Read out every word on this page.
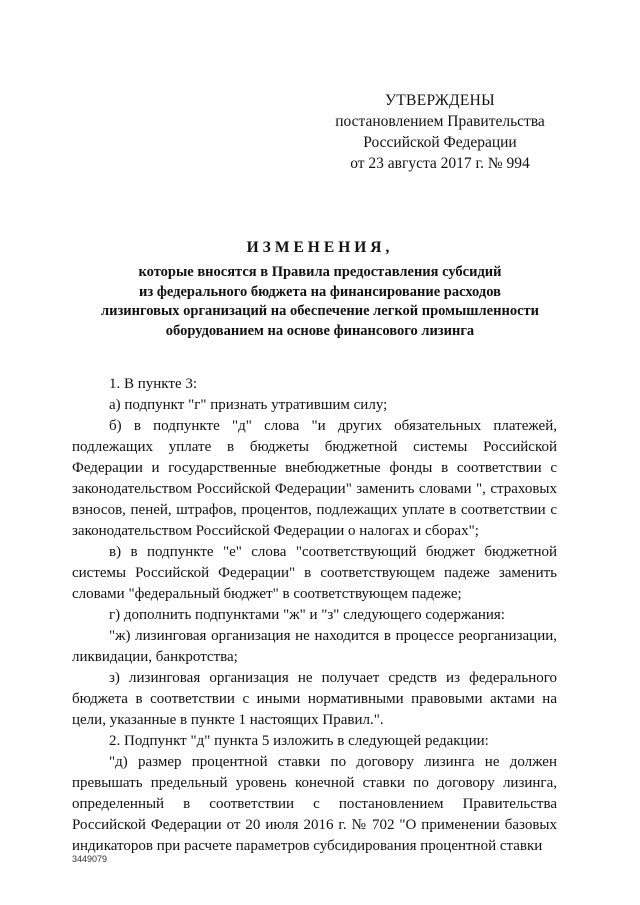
УТВЕРЖДЕНЫ
постановлением Правительства
Российской Федерации
от 23 августа 2017 г. № 994
ИЗМЕНЕНИЯ,
которые вносятся в Правила предоставления субсидий
из федерального бюджета на финансирование расходов
лизинговых организаций на обеспечение легкой промышленности
оборудованием на основе финансового лизинга

1. В пункте 3:

а) подпункт "г" признать утратившим силу;

б) в подпункте "д" слова "и других обязательных платежей, подлежащих уплате в бюджеты бюджетной системы Российской Федерации и государственные внебюджетные фонды в соответствии с законодательством Российской Федерации" заменить словами ", страховых взносов, пеней, штрафов, процентов, подлежащих уплате в соответствии с законодательством Российской Федерации о налогах и сборах";

в) в подпункте "е" слова "соответствующий бюджет бюджетной системы Российской Федерации" в соответствующем падеже заменить словами "федеральный бюджет" в соответствующем падеже;

г) дополнить подпунктами "ж" и "з" следующего содержания:

"ж) лизинговая организация не находится в процессе реорганизации, ликвидации, банкротства;

з) лизинговая организация не получает средств из федерального бюджета в соответствии с иными нормативными правовыми актами на цели, указанные в пункте 1 настоящих Правил.".

2. Подпункт "д" пункта 5 изложить в следующей редакции:

"д) размер процентной ставки по договору лизинга не должен превышать предельный уровень конечной ставки по договору лизинга, определенный в соответствии с постановлением Правительства Российской Федерации от 20 июля 2016 г. № 702 "О применении базовых индикаторов при расчете параметров субсидирования процентной ставки

3449079
